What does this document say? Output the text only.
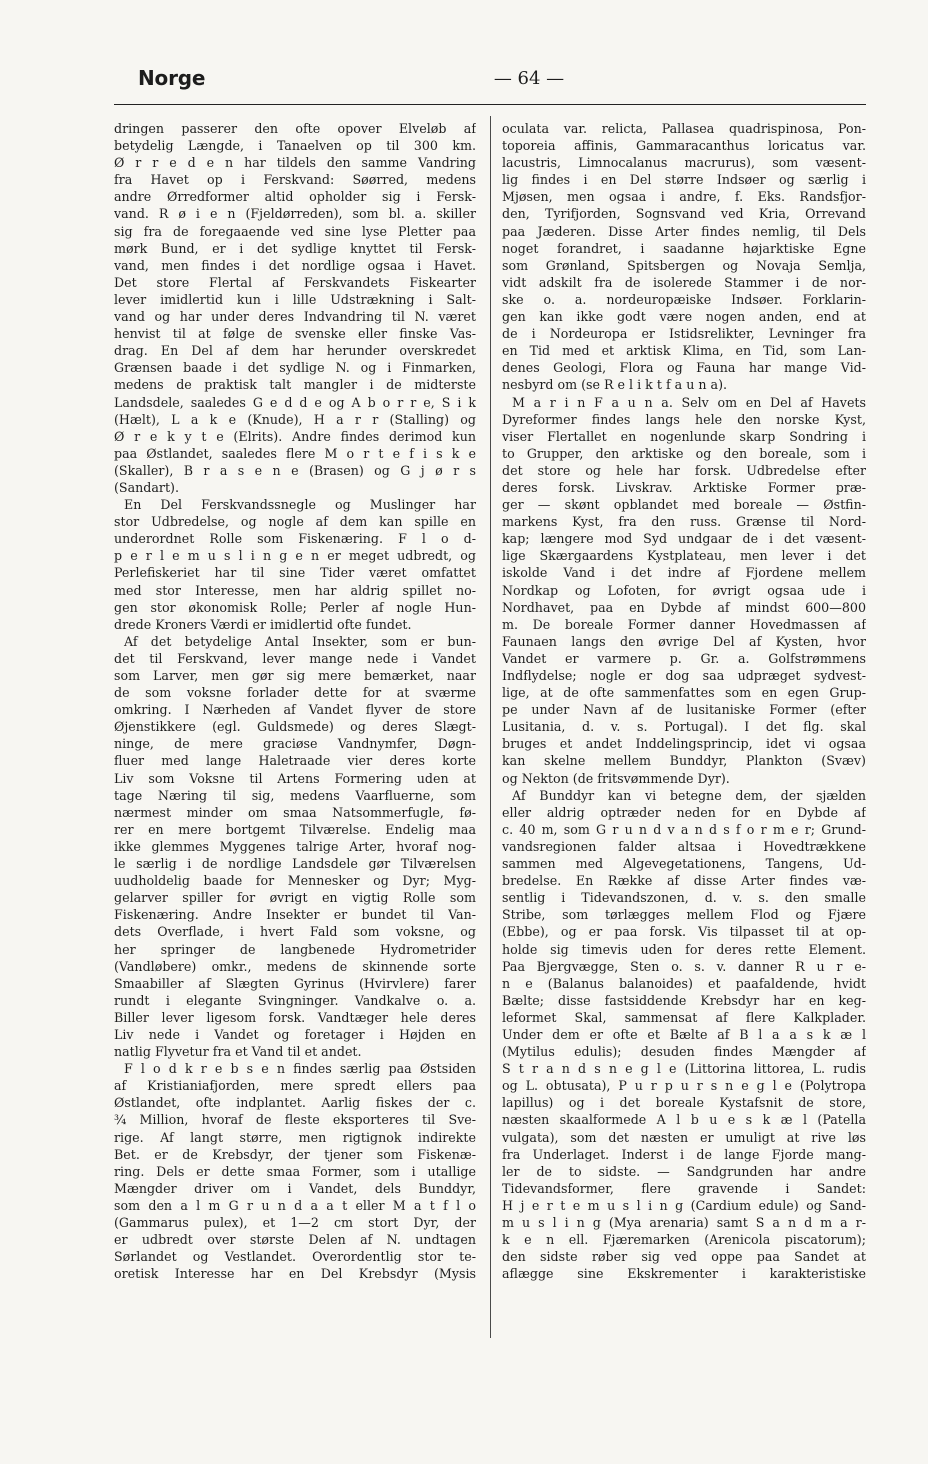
Norge	— 64 —
dringen passerer den ofte opover Elveløb af
betydelig Længde, i Tanaelven op til 300 km.
Ø r r e d e n har tildels den samme Vandring
fra Havet op i Ferskvand: Søørred, medens
andre Ørredformer altid opholder sig i Fersk-
vand. R ø i e n (Fjeldørreden), som bl. a. skiller
sig fra de foregaaende ved sine lyse Pletter paa
mørk Bund, er i det sydlige knyttet til Fersk-
vand, men findes i det nordlige ogsaa i Havet.
Det store Flertal af Ferskvandets Fiskearter
lever imidlertid kun i lille Udstrækning i Salt-
vand og har under deres Indvandring til N. været
henvist til at følge de svenske eller finske Vas-
drag. En Del af dem har herunder overskredet
Grænsen baade i det sydlige N. og i Finmarken,
medens de praktisk talt mangler i de midterste
Landsdele, saaledes G e d d e og A b o r r e, S i k
(Hælt), L a k e (Knude), H a r r (Stalling) og
Ø r e k y t e (Elrits). Andre findes derimod kun
paa Østlandet, saaledes flere M o r t e f i s k e
(Skaller), B r a s e n e (Brasen) og G j ø r s
(Sandart).
En Del Ferskvandssnegle og Muslinger har
stor Udbredelse, og nogle af dem kan spille en
underordnet Rolle som Fiskenæring. F l o d-
p e r l e m u s l i n g e n er meget udbredt, og
Perlefiskeriet har til sine Tider været omfattet
med stor Interesse, men har aldrig spillet no-
gen stor økonomisk Rolle; Perler af nogle Hun-
drede Kroners Værdi er imidlertid ofte fundet.
Af det betydelige Antal Insekter, som er bun-
det til Ferskvand, lever mange nede i Vandet
som Larver, men gør sig mere bemærket, naar
de som voksne forlader dette for at sværme
omkring. I Nærheden af Vandet flyver de store
Øjenstikkere (egl. Guldsmede) og deres Slægt-
ninge, de mere graciøse Vandnymfer, Døgn-
fluer med lange Haletraade vier deres korte
Liv som Voksne til Artens Formering uden at
tage Næring til sig, medens Vaarfluerne, som
nærmest minder om smaa Natsommerfugle, fø-
rer en mere bortgemt Tilværelse. Endelig maa
ikke glemmes Myggenes talrige Arter, hvoraf nog-
le særlig i de nordlige Landsdele gør Tilværelsen
uudholdelig baade for Mennesker og Dyr; Myg-
gelarver spiller for øvrigt en vigtig Rolle som
Fiskenæring. Andre Insekter er bundet til Van-
dets Overflade, i hvert Fald som voksne, og
her springer de langbenede Hydrometrider
(Vandløbere) omkr., medens de skinnende sorte
Smaabiller af Slægten Gyrinus (Hvirvlere) farer
rundt i elegante Svingninger. Vandkalve o. a.
Biller lever ligesom forsk. Vandtæger hele deres
Liv nede i Vandet og foretager i Højden en
natlig Flyvetur fra et Vand til et andet.
F l o d k r e b s e n findes særlig paa Østsiden
af Kristianiafjorden, mere spredt ellers paa
Østlandet, ofte indplantet. Aarlig fiskes der c.
¾ Million, hvoraf de fleste eksporteres til Sve-
rige. Af langt større, men rigtignok indirekte
Bet. er de Krebsdyr, der tjener som Fiskenæ-
ring. Dels er dette smaa Former, som i utallige
Mængder driver om i Vandet, dels Bunddyr,
som den a l m G r u n d a a t eller M a t f l o
(Gammarus pulex), et 1—2 cm stort Dyr, der
er udbredt over største Delen af N. undtagen
Sørlandet og Vestlandet. Overordentlig stor te-
oretisk Interesse har en Del Krebsdyr (Mysis
oculata var. relicta, Pallasea quadrispinosa, Pon-
toporeia affinis, Gammaracanthus loricatus var.
lacustris, Limnocalanus macrurus), som væsent-
lig findes i en Del større Indsøer og særlig i
Mjøsen, men ogsaa i andre, f. Eks. Randsfjor-
den, Tyrifjorden, Sognsvand ved Kria, Orrevand
paa Jæderen. Disse Arter findes nemlig, til Dels
noget forandret, i saadanne højarktiske Egne
som Grønland, Spitsbergen og Novaja Semlja,
vidt adskilt fra de isolerede Stammer i de nor-
ske o. a. nordeuropæiske Indsøer. Forklarin-
gen kan ikke godt være nogen anden, end at
de i Nordeuropa er Istidsrelikter, Levninger fra
en Tid med et arktisk Klima, en Tid, som Lan-
denes Geologi, Flora og Fauna har mange Vid-
nesbyrd om (se R e l i k t f a u n a).
M a r i n F a u n a. Selv om en Del af Havets
Dyreformer findes langs hele den norske Kyst,
viser Flertallet en nogenlunde skarp Sondring i
to Grupper, den arktiske og den boreale, som i
det store og hele har forsk. Udbredelse efter
deres forsk. Livskrav. Arktiske Former præ-
ger — skønt opblandet med boreale — Østfin-
markens Kyst, fra den russ. Grænse til Nord-
kap; længere mod Syd undgaar de i det væsent-
lige Skærgaardens Kystplateau, men lever i det
iskolde Vand i det indre af Fjordene mellem
Nordkap og Lofoten, for øvrigt ogsaa ude i
Nordhavet, paa en Dybde af mindst 600—800
m. De boreale Former danner Hovedmassen af
Faunaen langs den øvrige Del af Kysten, hvor
Vandet er varmere p. Gr. a. Golfstrømmens
Indflydelse; nogle er dog saa udpræget sydvest-
lige, at de ofte sammenfattes som en egen Grup-
pe under Navn af de lusitaniske Former (efter
Lusitania, d. v. s. Portugal). I det flg. skal
bruges et andet Inddelingsprincip, idet vi ogsaa
kan skelne mellem Bunddyr, Plankton (Svæv)
og Nekton (de fritsvømmende Dyr).
Af Bunddyr kan vi betegne dem, der sjælden
eller aldrig optræder neden for en Dybde af
c. 40 m, som G r u n d v a n d s f o r m e r; Grund-
vandsregionen falder altsaa i Hovedtrækkene
sammen med Algevegetationens, Tangens, Ud-
bredelse. En Række af disse Arter findes væ-
sentlig i Tidevandszonen, d. v. s. den smalle
Stribe, som tørlægges mellem Flod og Fjære
(Ebbe), og er paa forsk. Vis tilpasset til at op-
holde sig timevis uden for deres rette Element.
Paa Bjergvægge, Sten o. s. v. danner R u r e-
n e (Balanus balanoides) et paafaldende, hvidt
Bælte; disse fastsiddende Krebsdyr har en keg-
leformet Skal, sammensat af flere Kalkplader.
Under dem er ofte et Bælte af B l a a s k æ l
(Mytilus edulis); desuden findes Mængder af
S t r a n d s n e g l e (Littorina littorea, L. rudis
og L. obtusata), P u r p u r s n e g l e (Polytropa
lapillus) og i det boreale Kystafsnit de store,
næsten skaalformede A l b u e s k æ l (Patella
vulgata), som det næsten er umuligt at rive løs
fra Underlaget. Inderst i de lange Fjorde mang-
ler de to sidste. — Sandgrunden har andre
Tidevandsformer, flere gravende i Sandet:
H j e r t e m u s l i n g (Cardium edule) og Sand-
m u s l i n g (Mya arenaria) samt S a n d m a r-
k e n ell. Fjæremarken (Arenicola piscatorum);
den sidste røber sig ved oppe paa Sandet at
aflægge sine Ekskrementer i karakteristiske
